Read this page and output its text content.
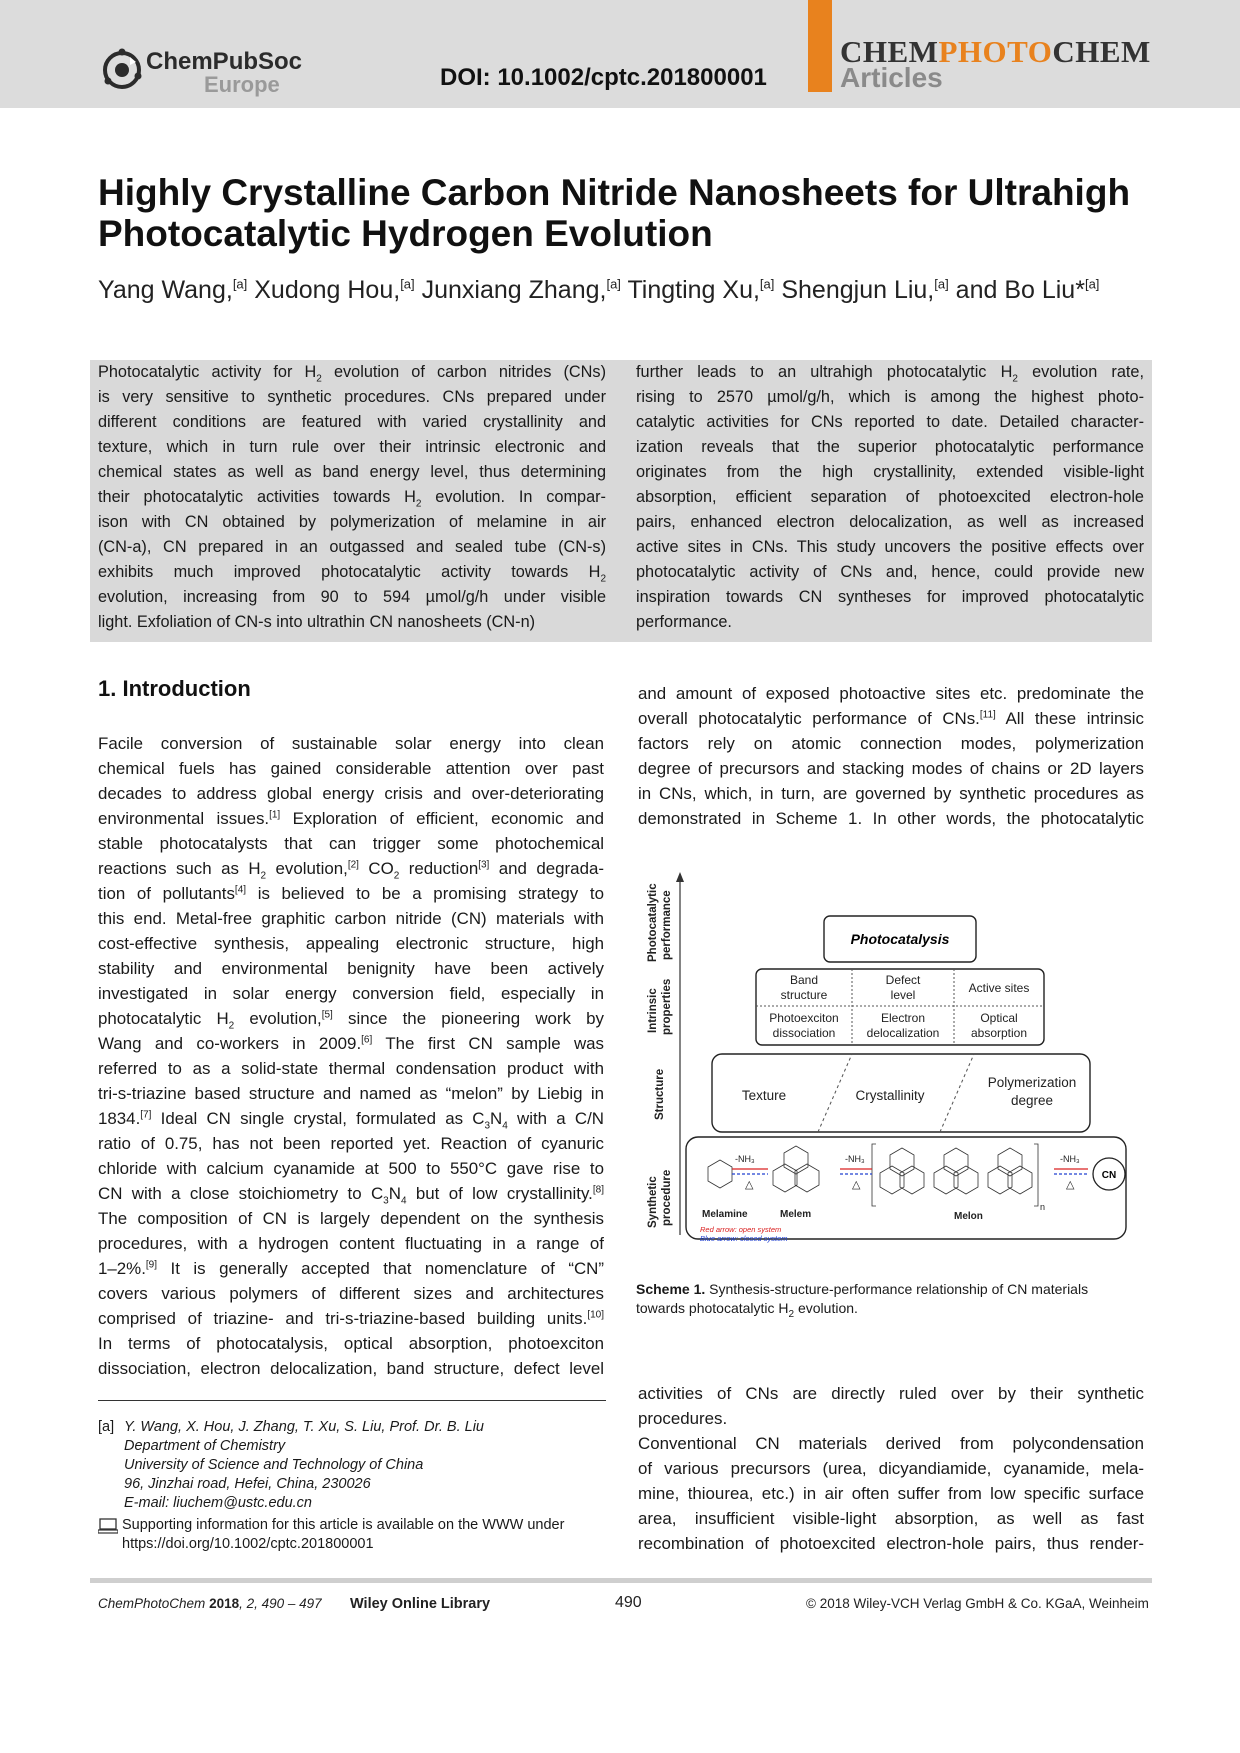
ChemPubSoc
Europe	DOI: 10.1002/cptc.201800001
CHEMPHOTOCHEM
Articles
Highly Crystalline Carbon Nitride Nanosheets for Ultrahigh
Photocatalytic Hydrogen Evolution
Yang Wang,[a] Xudong Hou,[a] Junxiang Zhang,[a] Tingting Xu,[a] Shengjun Liu,[a] and Bo Liu*[a]
Photocatalytic activity for $H_2$ evolution of carbon nitrides (CNs)
is very sensitive to synthetic procedures. CNs prepared under
different conditions are featured with varied crystallinity and
texture, which in turn rule over their intrinsic electronic and
chemical states as well as band energy level, thus determining
their photocatalytic activities towards $H_2$ evolution. In compar-
ison with CN obtained by polymerization of melamine in air
(CN-a), CN prepared in an outgassed and sealed tube (CN-s)
exhibits much improved photocatalytic activity towards $H_2$
evolution, increasing from 90 to 594 µmol/g/h under visible
light. Exfoliation of CN-s into ultrathin CN nanosheets (CN-n)
further leads to an ultrahigh photocatalytic $H_2$ evolution rate,
rising to 2570 µmol/g/h, which is among the highest photo-
catalytic activities for CNs reported to date. Detailed character-
ization reveals that the superior photocatalytic performance
originates from the high crystallinity, extended visible-light
absorption, efficient separation of photoexcited electron-hole
pairs, enhanced electron delocalization, as well as increased
active sites in CNs. This study uncovers the positive effects over
photocatalytic activity of CNs and, hence, could provide new
inspiration towards CN syntheses for improved photocatalytic
performance.
1. Introduction
Facile conversion of sustainable solar energy into clean
chemical fuels has gained considerable attention over past
decades to address global energy crisis and over-deteriorating
environmental issues.[1] Exploration of efficient, economic and
stable photocatalysts that can trigger some photochemical
reactions such as $H_2$ evolution,[2] $CO_2$ reduction[3] and degrada-
tion of pollutants[4] is believed to be a promising strategy to
this end. Metal-free graphitic carbon nitride (CN) materials with
cost-effective synthesis, appealing electronic structure, high
stability and environmental benignity have been actively
investigated in solar energy conversion field, especially in
photocatalytic $H_2$ evolution,[5] since the pioneering work by
Wang and co-workers in 2009.[6] The first CN sample was
referred to as a solid-state thermal condensation product with
tri-s-triazine based structure and named as “melon” by Liebig in
1834.[7] Ideal CN single crystal, formulated as $C_3N_4$ with a C/N
ratio of 0.75, has not been reported yet. Reaction of cyanuric
chloride with calcium cyanamide at 500 to 550°C gave rise to
CN with a close stoichiometry to $C_3N_4$ but of low crystallinity.[8]
The composition of CN is largely dependent on the synthesis
procedures, with a hydrogen content fluctuating in a range of
1–2%.[9] It is generally accepted that nomenclature of “CN”
covers various polymers of different sizes and architectures
comprised of triazine- and tri-s-triazine-based building units.[10]
In terms of photocatalysis, optical absorption, photoexciton
dissociation, electron delocalization, band structure, defect level
and amount of exposed photoactive sites etc. predominate the
overall photocatalytic performance of CNs.[11] All these intrinsic
factors rely on atomic connection modes, polymerization
degree of precursors and stacking modes of chains or 2D layers
in CNs, which, in turn, are governed by synthetic procedures as
demonstrated in Scheme 1. In other words, the photocatalytic
activities of CNs are directly ruled over by their synthetic
procedures.
Conventional CN materials derived from polycondensation
of various precursors (urea, dicyandiamide, cyanamide, mela-
mine, thiourea, etc.) in air often suffer from low specific surface
area, insufficient visible-light absorption, as well as fast
recombination of photoexcited electron-hole pairs, thus render-
Photocatalytic performance
Intrinsic properties
Structure
Synthetic procedure
Photocatalysis
Band
structure
Defect
level	Active sites
Photoexciton
dissociation
Electron
delocalization
Optical
absorption
Texture	Crystallinity
Polymerization
degree
-NH₃	-NH₃	-NH₃
n
△	△	△
CN
Melamine	Melem	Melon
Red arrow: open system
Blue arrow: closed system
Scheme 1. Synthesis-structure-performance relationship of CN materials
towards photocatalytic $H_2$ evolution.
[a] Y. Wang, X. Hou, J. Zhang, T. Xu, S. Liu, Prof. Dr. B. Liu
Department of Chemistry
University of Science and Technology of China
96, Jinzhai road, Hefei, China, 230026
E-mail: liuchem@ustc.edu.cn
Supporting information for this article is available on the WWW under
https://doi.org/10.1002/cptc.201800001
ChemPhotoChem 2018, 2, 490 – 497 Wiley Online Library	490	© 2018 Wiley-VCH Verlag GmbH & Co. KGaA, Weinheim
